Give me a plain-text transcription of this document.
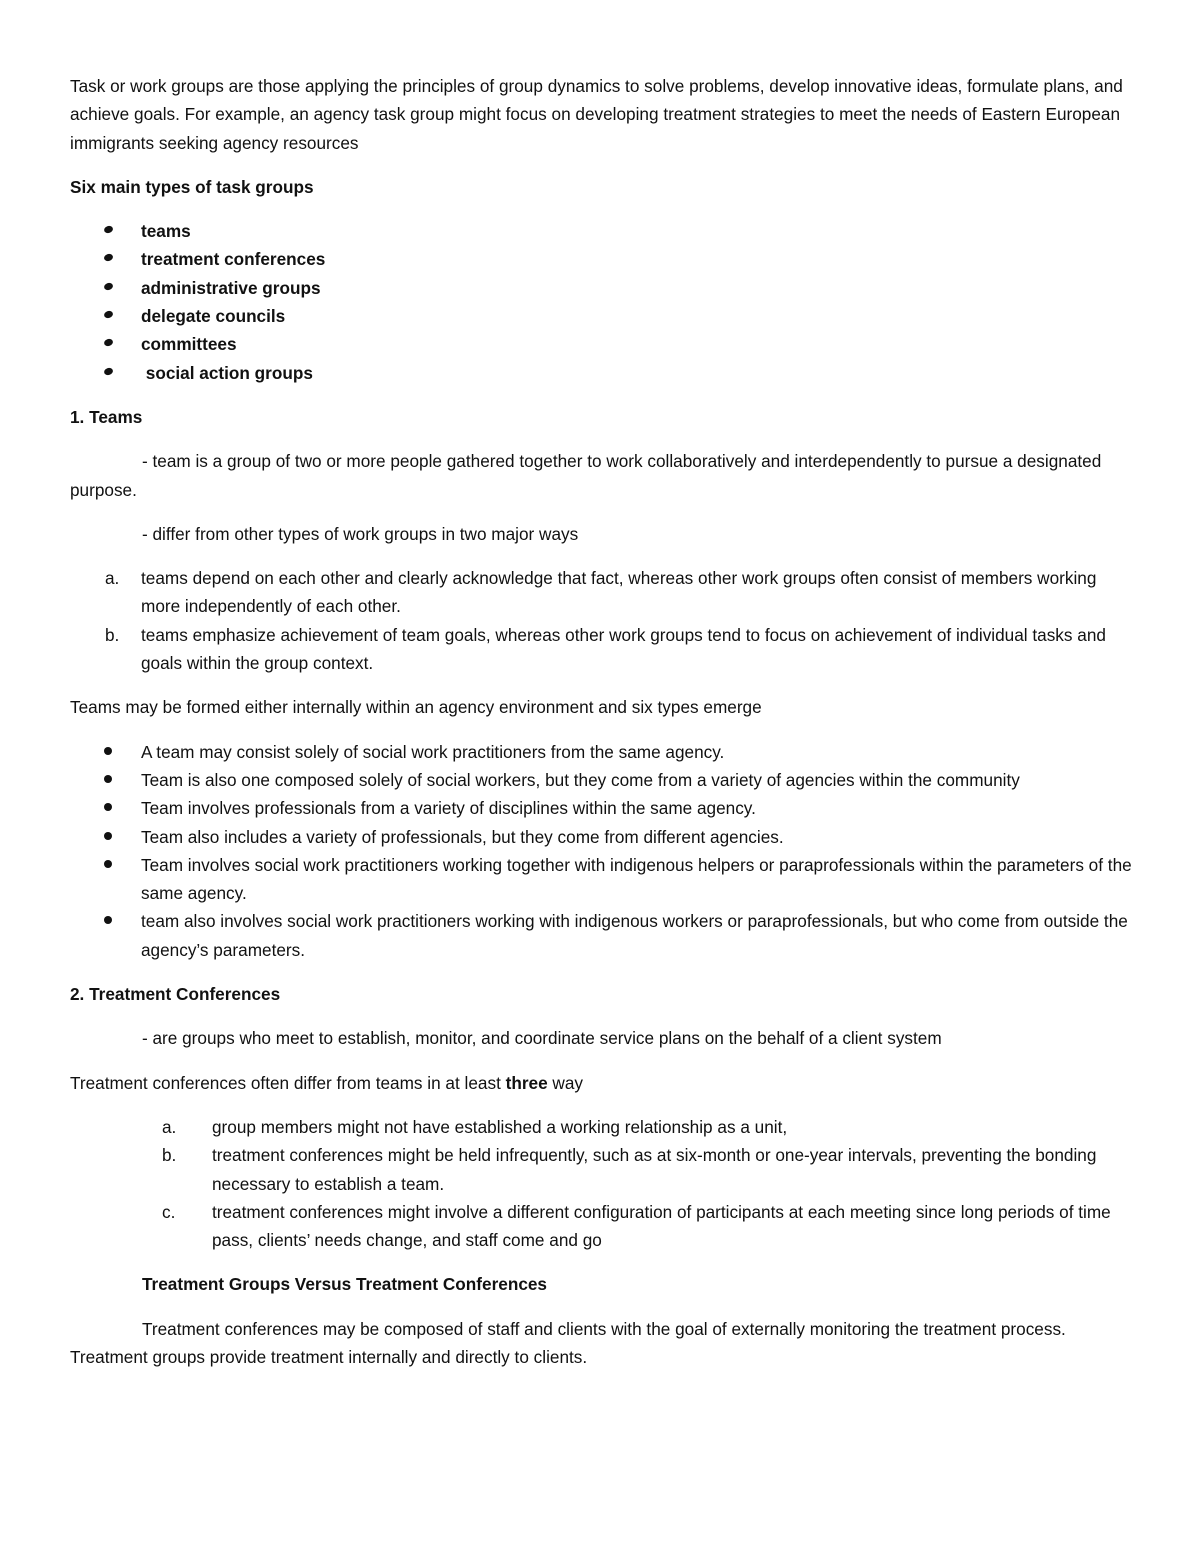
Task or work groups are those applying the principles of group dynamics to solve problems, develop innovative ideas, formulate plans, and achieve goals. For example, an agency task group might focus on developing treatment strategies to meet the needs of Eastern European immigrants seeking agency resources

Six main types of task groups

teams
treatment conferences
administrative groups
delegate councils
committees
social action groups

1. Teams

- team is a group of two or more people gathered together to work collaboratively and interdependently to pursue a designated purpose.

- differ from other types of work groups in two major ways

a. teams depend on each other and clearly acknowledge that fact, whereas other work groups often consist of members working more independently of each other.
b. teams emphasize achievement of team goals, whereas other work groups tend to focus on achievement of individual tasks and goals within the group context.

Teams may be formed either internally within an agency environment and six types emerge

A team may consist solely of social work practitioners from the same agency.
Team is also one composed solely of social workers, but they come from a variety of agencies within the community
Team involves professionals from a variety of disciplines within the same agency.
Team also includes a variety of professionals, but they come from different agencies.
Team involves social work practitioners working together with indigenous helpers or paraprofessionals within the parameters of the same agency.
team also involves social work practitioners working with indigenous workers or paraprofessionals, but who come from outside the agency’s parameters.

2. Treatment Conferences

- are groups who meet to establish, monitor, and coordinate service plans on the behalf of a client system

Treatment conferences often differ from teams in at least three way

a. group members might not have established a working relationship as a unit,
b. treatment conferences might be held infrequently, such as at six-month or one-year intervals, preventing the bonding necessary to establish a team.
c. treatment conferences might involve a different configuration of participants at each meeting since long periods of time pass, clients’ needs change, and staff come and go

Treatment Groups Versus Treatment Conferences

Treatment conferences may be composed of staff and clients with the goal of externally monitoring the treatment process. Treatment groups provide treatment internally and directly to clients.
